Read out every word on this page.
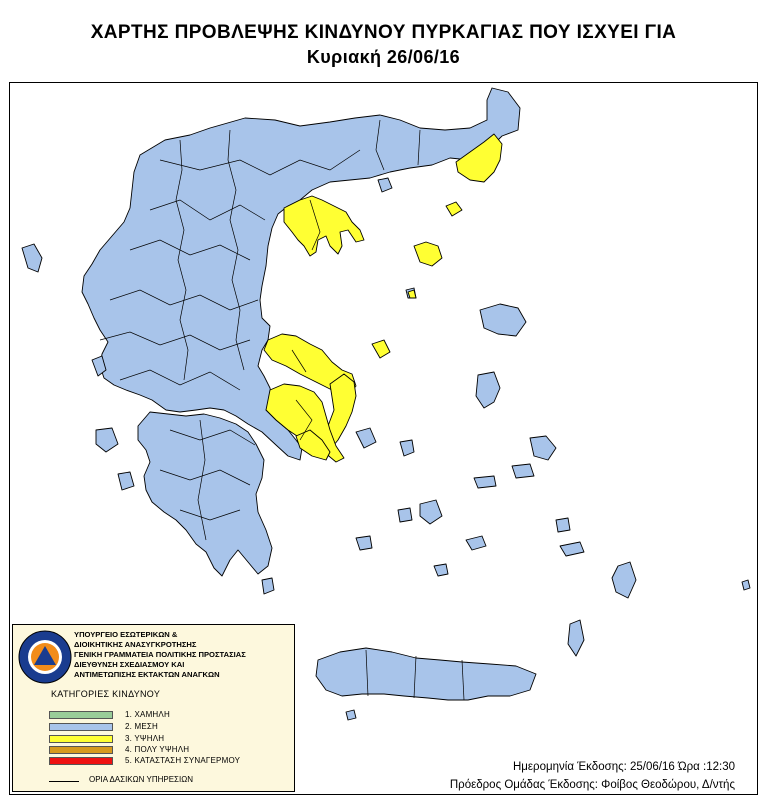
ΧΑΡΤΗΣ ΠΡΟΒΛΕΨΗΣ ΚΙΝΔΥΝΟΥ ΠΥΡΚΑΓΙΑΣ ΠΟΥ ΙΣΧΥΕΙ ΓΙΑ
Κυριακή 26/06/16
ΥΠΟΥΡΓΕΙΟ ΕΣΩΤΕΡΙΚΩΝ &
ΔΙΟΙΚΗΤΙΚΗΣ ΑΝΑΣΥΓΚΡΟΤΗΣΗΣ
ΓΕΝΙΚΗ ΓΡΑΜΜΑΤΕΙΑ ΠΟΛΙΤΙΚΗΣ ΠΡΟΣΤΑΣΙΑΣ
ΔΙΕΥΘΥΝΣΗ ΣΧΕΔΙΑΣΜΟΥ ΚΑΙ
ΑΝΤΙΜΕΤΩΠΙΣΗΣ ΕΚΤΑΚΤΩΝ ΑΝΑΓΚΩΝ
ΚΑΤΗΓΟΡΙΕΣ ΚΙΝΔΥΝΟΥ
1. ΧΑΜΗΛΗ
2. ΜΕΣΗ
3. ΥΨΗΛΗ
4. ΠΟΛΥ ΥΨΗΛΗ
5. ΚΑΤΑΣΤΑΣΗ ΣΥΝΑΓΕΡΜΟΥ
ΟΡΙΑ ΔΑΣΙΚΩΝ ΥΠΗΡΕΣΙΩΝ
Ημερομηνία Έκδοσης: 25/06/16 Ώρα :12:30
Πρόεδρος Ομάδας Έκδοσης: Φοίβος Θεοδώρου, Δ/ντής
